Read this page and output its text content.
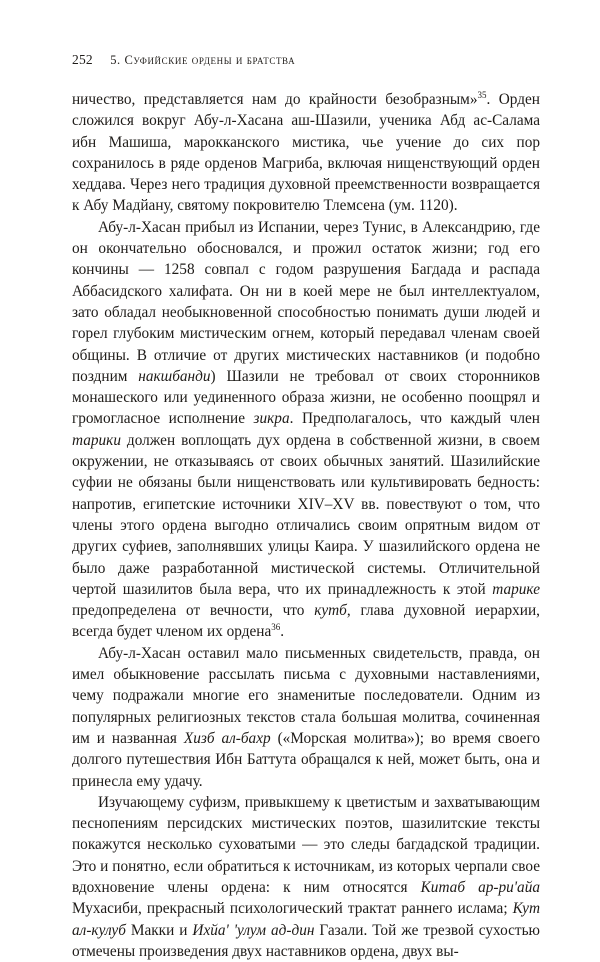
252 5. Суфийские ордены и братства

ничество, представляется нам до крайности безобразным»$^{35}$. Орден сложился вокруг Абу-л-Хасана аш-Шазили, ученика Абд ас-Салама ибн Машиша, марокканского мистика, чье учение до сих пор сохранилось в ряде орденов Магриба, включая нищенствующий орден хеддава. Через него традиция духовной преемственности возвращается к Абу Мадйану, святому покровителю Тлемсена (ум. 1120).

Абу-л-Хасан прибыл из Испании, через Тунис, в Александрию, где он окончательно обосновался, и прожил остаток жизни; год его кончины — 1258 совпал с годом разрушения Багдада и распада Аббасидского халифата. Он ни в коей мере не был интеллектуалом, зато обладал необыкновенной способностью понимать души людей и горел глубоким мистическим огнем, который передавал членам своей общины. В отличие от других мистических наставников (и подобно поздним накшбанди) Шазили не требовал от своих сторонников монашеского или уединенного образа жизни, не особенно поощрял и громогласное исполнение зикра. Предполагалось, что каждый член тарики должен воплощать дух ордена в собственной жизни, в своем окружении, не отказываясь от своих обычных занятий. Шазилийские суфии не обязаны были нищенствовать или культивировать бедность: напротив, египетские источники XIV–XV вв. повествуют о том, что члены этого ордена выгодно отличались своим опрятным видом от других суфиев, заполнявших улицы Каира. У шазилийского ордена не было даже разработанной мистической системы. Отличительной чертой шазилитов была вера, что их принадлежность к этой тарике предопределена от вечности, что кутб, глава духовной иерархии, всегда будет членом их ордена$^{36}$.

Абу-л-Хасан оставил мало письменных свидетельств, правда, он имел обыкновение рассылать письма с духовными наставлениями, чему подражали многие его знаменитые последователи. Одним из популярных религиозных текстов стала большая молитва, сочиненная им и названная Хизб ал-бахр («Морская молитва»); во время своего долгого путешествия Ибн Баттута обращался к ней, может быть, она и принесла ему удачу.

Изучающему суфизм, привыкшему к цветистым и захватывающим песнопениям персидских мистических поэтов, шазилитские тексты покажутся несколько суховатыми — это следы багдадской традиции. Это и понятно, если обратиться к источникам, из которых черпали свое вдохновение члены ордена: к ним относятся Китаб ар-ри'айа Мухасиби, прекрасный психологический трактат раннего ислама; Кут ал-кулуб Макки и Ихйа' 'улум ад-дин Газали. Той же трезвой сухостью отмечены произведения двух наставников ордена, двух вы-
